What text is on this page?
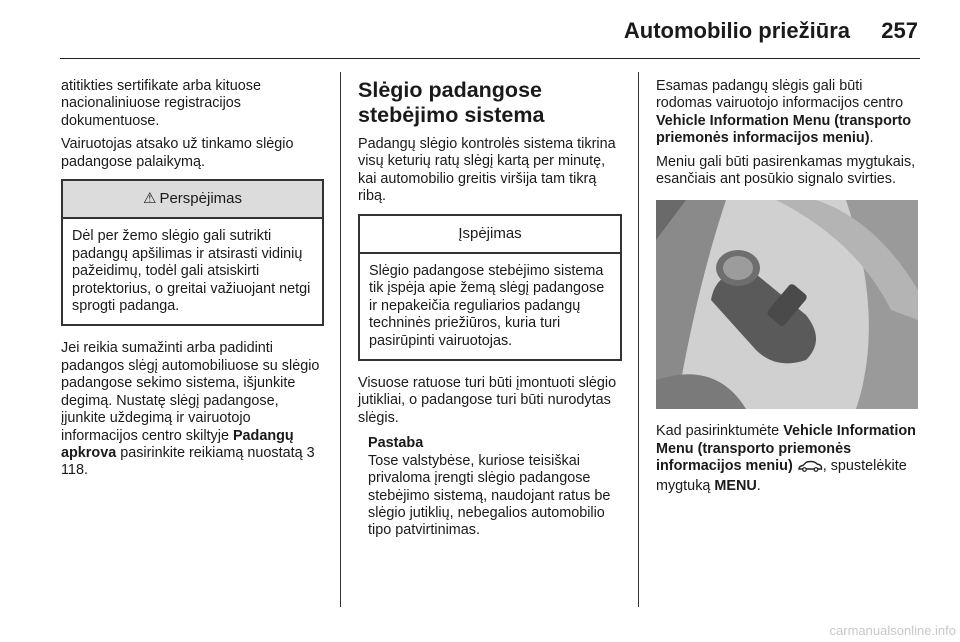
Automobilio priežiūra 257

atitikties sertifikate arba kituose nacionaliniuose registracijos dokumentuose.

Vairuotojas atsako už tinkamo slėgio padangose palaikymą.

⚠ Perspėjimas
Dėl per žemo slėgio gali sutrikti padangų apšilimas ir atsirasti vidinių pažeidimų, todėl gali atsiskirti protektorius, o greitai važiuojant netgi sprogti padanga.

Jei reikia sumažinti arba padidinti padangos slėgį automobiliuose su slėgio padangose sekimo sistema, išjunkite degimą. Nustatę slėgį padangose, įjunkite uždegimą ir vairuotojo informacijos centro skiltyje Padangų apkrova pasirinkite reikiamą nuostatą 3 118.

Slėgio padangose stebėjimo sistema

Padangų slėgio kontrolės sistema tikrina visų keturių ratų slėgį kartą per minutę, kai automobilio greitis viršija tam tikrą ribą.

Įspėjimas
Slėgio padangose stebėjimo sistema tik įspėja apie žemą slėgį padangose ir nepakeičia reguliarios padangų techninės priežiūros, kuria turi pasirūpinti vairuotojas.

Visuose ratuose turi būti įmontuoti slėgio jutikliai, o padangose turi būti nurodytas slėgis.

Pastaba
Tose valstybėse, kuriose teisiškai privaloma įrengti slėgio padangose stebėjimo sistemą, naudojant ratus be slėgio jutiklių, nebegalios automobilio tipo patvirtinimas.

Esamas padangų slėgis gali būti rodomas vairuotojo informacijos centro Vehicle Information Menu (transporto priemonės informacijos meniu).

Meniu gali būti pasirenkamas mygtukais, esančiais ant posūkio signalo svirties.

Kad pasirinktumėte Vehicle Information Menu (transporto priemonės informacijos meniu) , spustelėkite mygtuką MENU.

carmanualsonline.info
